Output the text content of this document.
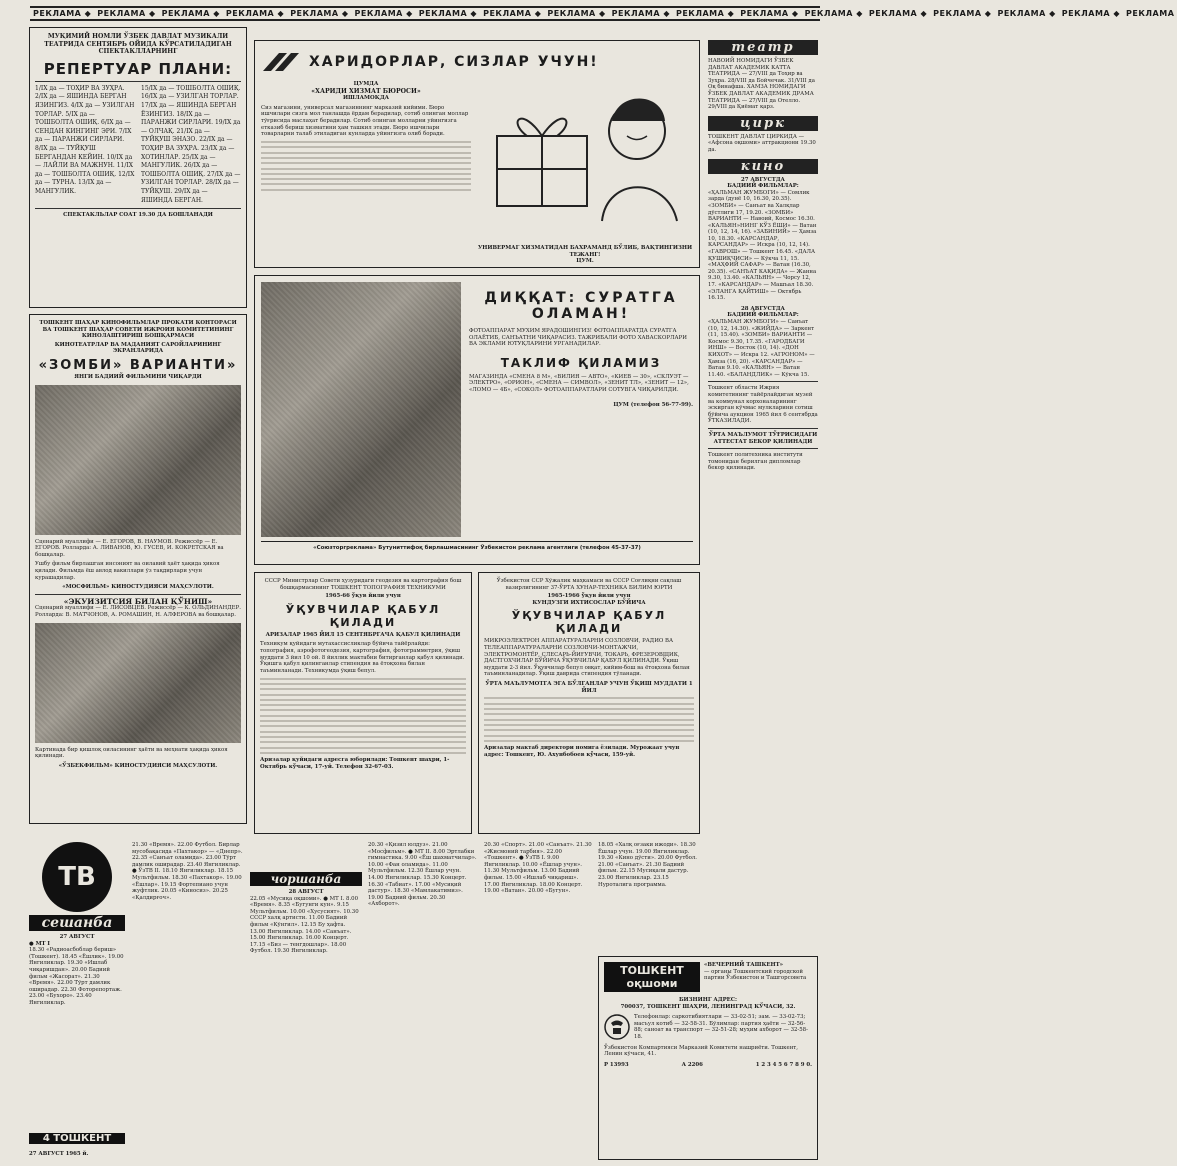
РЕКЛАМА ◆ РЕКЛАМА ◆ РЕКЛАМА ◆ РЕКЛАМА ◆ РЕКЛАМА ◆ РЕКЛАМА ◆ РЕКЛАМА ◆ РЕКЛАМА ◆ РЕКЛАМА ◆ РЕКЛАМА ◆ РЕКЛАМА ◆ РЕКЛАМА ◆ РЕКЛАМА ◆ РЕКЛАМА ◆ РЕКЛАМА ◆ РЕКЛАМА ◆ РЕКЛАМА ◆ РЕКЛАМА
МУҚИМИЙ НОМЛИ ЎЗБЕК ДАВЛАТ МУЗИКАЛИ ТЕАТРИДА СЕНТЯБРЬ ОЙИДА КЎРСАТИЛАДИГАН СПЕКТАКЛЛАРНИНГ
РЕПЕРТУАР ПЛАНИ:
1/IX да — ТОҲИР ВА ЗУҲРА. 2/IX да — ЯШИНДА БЕРГАН ЯЗИНГИЗ. 4/IX да — УЗИЛГАН ТОРЛАР. 5/IX да — ТОШБОЛТА ОШИҚ. 6/IX да — СЕНДАН КИНГИНГ ЭРИ. 7/IX да — ПАРАНЖИ СИРЛАРИ. 8/IX да — ТУЙҚУШ БЕРГАНДАН КЕЙИН. 10/IX да — ЛАЙЛИ ВА МАЖНУН. 11/IX да — ТОШБОЛТА ОШИҚ. 12/IX да — ТУРНА. 13/IX да — МАНГУЛИК.
15/IX да — ТОШБОЛТА ОШИҚ. 16/IX да — УЗИЛГАН ТОРЛАР. 17/IX да — ЯШИНДА БЕРГАН ЁЗИНГИЗ. 18/IX да — ПАРАНЖИ СИРЛАРИ. 19/IX да — ОЛЧАҚ. 21/IX да — ТУЙҚУШ ЭНАЗО. 22/IX да — ТОҲИР ВА ЗУҲРА. 23/IX да — ХОТИНЛАР. 25/IX да — МАНГУЛИК. 26/IX да — ТОШБОЛТА ОШИҚ. 27/IX да — УЗИЛГАН ТОРЛАР. 28/IX да — ТУЙҚУШ. 29/IX да — ЯШИНДА БЕРГАН.
СПЕКТАКЛЬЛАР СОАТ 19.30 ДА БОШЛАНАДИ
ТОШКЕНТ ШАҲАР КИНОФИЛЬМЛАР ПРОКАТИ КОНТОРАСИ ВА ТОШКЕНТ ШАҲАР СОВЕТИ ИЖРОИЯ КОМИТЕТИНИНГ КИНОЛАШТИРИШ БОШҚАРМАСИ
КИНОТЕАТРЛАР ВА МАДАНИЯТ САРОЙЛАРИНИНГ ЭКРАНЛАРИДА
«ЗОМБИ» ВАРИАНТИ»
ЯНГИ БАДИИЙ ФИЛЬМИНИ ЧИҚАРДИ
Сценарий муаллифи — Е. ЕГОРОВ, В. НАУМОВ. Режиссёр — Е. ЕГОРОВ. Ролларда: А. ЛИВАНОВ, Ю. ГУСЕВ, И. КОКРЕТСКАЯ ва бошқалар.
Ушбу фильм бирлашган инсоният ва оилавий ҳаёт ҳақида ҳикоя қилади. Фильмда ёш авлод вакиллари ўз тақдирлари учун курашадилар.
«МОСФИЛЬМ» КИНОСТУДИЯСИ МАҲСУЛОТИ.
«ЭКУИЗИТСИЯ БИЛАН ҚЎНИШ»
Сценарий муаллифи — Е. ЛИСОВЦЕВ. Режиссёр — К. ОЛЬДИНАНДЕР. Ролларда: В. МАТЧОНОВ, А. РОМАШИН, Н. АЛФЕРОВА ва бошқалар.
Картинада бир қишлоқ оиласининг ҳаёти ва меҳнати ҳақида ҳикоя қилинади.
«ЎЗБЕКФИЛЬМ» КИНОСТУДИЯСИ МАҲСУЛОТИ.
ХАРИДОРЛАР, СИЗЛАР УЧУН!
ЦУМДА
«ХАРИДИ ХИЗМАТ БЮРОСИ»
ИШЛАМОҚДА
Сиз магазини, универсал магазиннинг марказий кийими. Бюро ишчилари сизга мол танлашда ёрдам берадилар, сотиб олинган моллар тўғрисида маслаҳат берадилар. Сотиб олинган молларни уйингизга етказиб бериш хизматини ҳам ташкил этади. Бюро ишчилари товарларни талаб этиладиган кунларда уйингизга олиб боради.
УНИВЕРМАГ ХИЗМАТИДАН БАХРАМАНД БЎЛИБ, ВАҚТИНГИЗНИ ТЕЖАНГ!
ЦУМ.
ДИҚҚАТ: СУРАТГА ОЛАМАН!
ФОТОАППАРАТ МУХИМ ЯРАДОШИНГИЗ! ФОТОАППАРАТДА СУРАТГА ОЛАЁТИБ, САНЪАТНИ ЧИҚАРАСИЗ. ТАЖРИБАЛИ ФОТО ХАВАСКОРЛАРИ ВА ЭКЛАМИ ЮТУҚЛАРИНИ УРГАНАДИЛАР.
ТАКЛИФ ҚИЛАМИЗ
МАГАЗИНДА «СМЕНА 8 М», «ВИЛИЯ — АВТО», «КИЕВ — 30», «СКЛУЭТ — ЭЛЕКТРО», «ОРИОН», «СМЕНА — СИМВОЛ», «ЗЕНИТ ТЛ», «ЗЕНИТ — 12», «ЛОМО — 4Б», «СОКОЛ» ФОТОАППАРАТЛАРИ СОТУВГА ЧИҚАРИЛДИ.
ЦУМ (телефон 56-77-99).
«Союзторгреклама» Бутуниттифоқ бирлашмасининг Ўзбекистон реклама агентлиги (телефон 45-37-37)
театр
НАВОИЙ НОМИДАГИ ЎЗБЕК ДАВЛАТ АКАДЕМИК КАТТА ТЕАТРИДА — 27/VIII да Тоҳир ва Зуҳра. 28/VIII да Бойчечак. 31/VIII да Оқ бинафша. ХАМЗА НОМИДАГИ ЎЗБЕК ДАВЛАТ АКАДЕМИК ДРАМА ТЕАТРИДА — 27/VIII да Отелло. 29/VIII да Қиёмат қарз.
цирк
ТОШКЕНТ ДАВЛАТ ЦИРКИДА — «Афсона оқшоми» аттракциони 19.30 да.
кино
27 АВГУСТДА
БАДИИЙ ФИЛЬМЛАР:
«ҲАЛЬМАН ЖУМБОГИ» — Сомлик зарда (дунё 10, 16.30, 20.35). «ЗОМБИ» — Санъат ва Халқлар дўстлиги 17, 19.20. «ЗОМБИ» ВАРИАНТИ — Навоий, Космос 16.30. «КАЛЬЯН»НИНГ КЎЗ ЁШИ» — Ватан (10, 12, 14, 16). «ЗАБИНИЙ» — Ҳамза 10, 18.30. «КАРСАНДАР, КАРСАНДАР» — Искра (10, 12, 14). «ГАВРОШ» — Тошкент 16.45. «ДАЛА ҚУШИҚЧИСИ» — Кўкча 11, 15. «МАҲФИЙ САФАР» — Ватан (16.30, 20.35). «САНЪАТ КАҚИДА» — Жанна 9.30, 13.40. «КАЛЬЯН» — Чорсу 12, 17. «КАРСАНДАР» — Машъал 18.30. «ЭЛАНГА ҚАЙТИШ» — Октябрь 16.15.
28 АВГУСТДА
БАДИИЙ ФИЛЬМЛАР:
«ҲАЛЬМАН ЖУМБОГИ» — Санъат (10, 12, 14.30). «ЖИЙДА» — Заркент (11, 15.40). «ЗОМБИ» ВАРИАНТИ — Космос 9.30, 17.35. «ГАРОДБАГИ ИНШ» — Восток (10, 14). «ДОН КИХОТ» — Искра 12. «АГРОНОМ» — Ҳамза (16, 20). «КАРСАНДАР» — Ватан 9.10. «КАЛЬЯН» — Ватан 11.40. «БАЛАНДЛИК» — Кўкча 15.
Тошкент области Ижрия комитетининг тайёрлайдиган музей ва коммунал корхоналарининг эскирган кўчмас мулкларини сотиш бўйича аукцион 1965 йил 6 сентябрда ЎТКАЗИЛАДИ.
ЎРТА МАЪЛУМОТ ТЎҒРИСИДАГИ АТТЕСТАТ БЕКОР ҚИЛИНАДИ
Тошкент политехника институти томонидан берилган дипломлар бекор қилинади.
СССР Министрлар Совети ҳузуридаги геодезия ва картография бош бошқармасининг ТОШКЕНТ ТОПОГРАФИЯ ТЕХНИКУМИ
1965-66 ўқув йили учун
ЎҚУВЧИЛАР ҚАБУЛ ҚИЛАДИ
АРИЗАЛАР 1965 ЙИЛ 15 СЕНТЯБРГАЧА ҚАБУЛ ҚИЛИНАДИ
Техникум қуйидаги мутахассисликлар бўйича тайёрлайди: топография, аэрофотогеодезия, картография, фотограмметрия, ўқиш муддати 3 йил 10 ой. 8 йиллик мактабни битирганлар қабул қилинади. Ўқишга қабул қилинганлар стипендия ва ётоқхона билан таъминланади. Техникумда ўқиш бепул.
Аризалар қуйидаги адресга юборилади: Тошкент шаҳри, 1-Октябрь кўчаси, 17-уй. Телефон 32-67-03.
Ўзбекистон ССР Хўжалик маҳкамаси ва СССР Соғлиқни сақлаш вазирлигининг 37-ЎРТА ХУНАР-ТЕХНИКА БИЛИМ ЮРТИ
1965-1966 ўқув йили учун
КУНДУЗГИ ИХТИСОСЛАР БЎЙИЧА
ЎҚУВЧИЛАР ҚАБУЛ ҚИЛАДИ
МИКРОЭЛЕКТРОН АППАРАТУРАЛАРНИ СОЗЛОВЧИ, РАДИО ВА ТЕЛЕАППАРАТУРАЛАРНИ СОЗЛОВЧИ-МОНТАЖЧИ, ЭЛЕКТРОМОНТЁР, СЛЕСАРЬ-ЙИҒУВЧИ, ТОКАРЬ, ФРЕЗЕРОВЩИК, ДАСТГОХЧИЛАР БЎЙИЧА ЎҚУВЧИЛАР ҚАБУЛ ҚИЛИНАДИ. Ўқиш муддати 2-3 йил. Ўқувчилар бепул овқат, кийим-бош ва ётоқхона билан таъминланадилар. Ўқиш даврида стипендия тўланади.
ЎРТА МАЪЛУМОТГА ЭГА БЎЛГАНЛАР УЧУН ЎҚИШ МУДДАТИ 1 ЙИЛ
Аризалар мактаб директори номига ёзилади. Мурожаат учун адрес: Тошкент, Ю. Ахунбобоев кўчаси, 159-уй.
ТВ
сешанба
27 АВГУСТ
● МТ I
18.30 «Радиоасбоблар бериш» (Тошкент). 18.45 «Ёшлик». 19.00 Янгиликлар. 19.30 «Ишлаб чиқаришдан». 20.00 Бадиий фильм «Жасорат». 21.30 «Время». 22.00 Тўрт дамлик оширадар. 22.30 Фоторепортаж. 23.00 «Бухоро». 23.40 Янгиликлар.
4 ТОШКЕНТ
27 АВГУСТ 1965 й.
21.30 «Время». 22.00 Футбол. Бирлар мусобақасида «Пахтакор» — «Днепр». 22.35 «Санъат оламида». 23.00 Тўрт дамлик оширадар. 23.40 Янгиликлар. ● ЎзТВ II. 18.10 Янгиликлар. 18.15 Мультфильм. 18.30 «Пахтакор». 19.00 «Ёшлар». 19.15 Фортепиано учун жуфтлик. 20.05 «Киносиз». 20.25 «Қалдирғоч».
чоршанба
28 АВГУСТ
22.05 «Мусиқа оқшоми». ● МТ I. 8.00 «Время». 8.35 «Бугунги кун». 9.15 Мультфильм. 10.00 «Хусусият». 10.30 СССР халқ артисти. 11.00 Бадиий фильм «Кўнгил». 12.15 Бу ҳафта. 13.00 Янгиликлар. 14.00 «Санъат». 15.00 Янгиликлар. 16.00 Концерт. 17.15 «Биз — тенгдошлар». 18.00 Футбол. 19.30 Янгиликлар.
20.30 «Қизил юлдуз». 21.00 «Мосфильм». ● МТ II. 8.00 Эртлабки гимнастика. 9.00 «Ёш шахматчилар». 10.00 «Фан оламида». 11.00 Мультфильм. 12.30 Ёшлар учун. 14.00 Янгиликлар. 15.30 Концерт. 16.30 «Табиат». 17.00 «Мусиқий дастур». 18.30 «Мамлакатимиз». 19.00 Бадиий фильм. 20.30 «Ахборот».
20.30 «Спорт». 21.00 «Санъат». 21.30 «Жисмоний тарбия». 22.00 «Тошкент». ● ЎзТВ I. 9.00 Янгиликлар. 10.00 «Ёшлар учун». 11.30 Мультфильм. 13.00 Бадиий фильм. 15.00 «Ишлаб чиқариш». 17.00 Янгиликлар. 18.00 Концерт. 19.00 «Ватан». 20.00 «Бугун».
18.05 «Халқ оғзаки ижоди». 18.30 Ёшлар учун. 19.00 Янгиликлар. 19.30 «Кино дўсти». 20.00 Футбол. 21.00 «Санъат». 21.30 Бадиий фильм. 22.15 Мусиқали дастур. 23.00 Янгиликлар. 23.15 Нуроталига программа.
ТОШКЕНТ оқшоми
«ВЕЧЕРНИЙ ТАШКЕНТ»
— органы Тошкентский городской партии Ўзбекистон и Ташгорсовета
БИЗНИНГ АДРЕС:
700037, ТОШКЕНТ ШАҲРИ, ЛЕНИНГРАД КЎЧАСИ, 32.
Телефонлар: саркотибиятлари — 33-02-51; зам. — 33-02-73; масъул котиб — 32-58-31. Бўлимлар: партия ҳаёти — 32-56-88; саноат ва транспорт — 32-51-28; муҳим ахборот — 32-58-18.
Ўзбекистон Компартияси Марказий Комитети нашриёти. Тошкент, Ленин кўчаси, 41.
Р 13993	А 2206	1 2 3 4 5 6 7 8 9 0.
